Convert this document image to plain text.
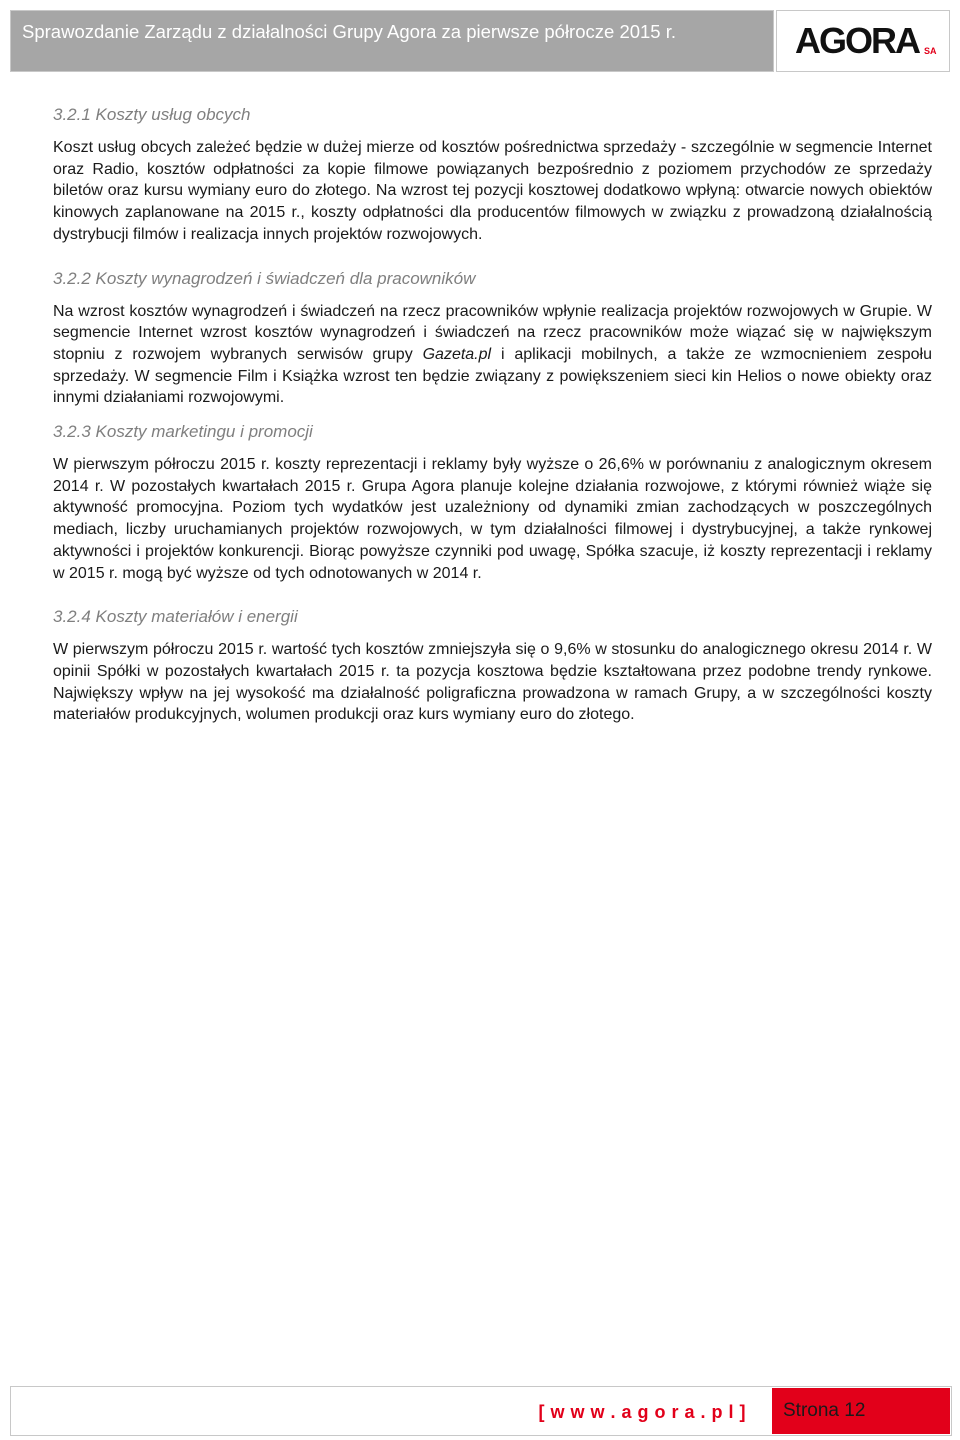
Sprawozdanie Zarządu z działalności Grupy Agora za pierwsze półrocze 2015 r.	AGORA SA
3.2.1 Koszty usług obcych

Koszt usług obcych zależeć będzie w dużej mierze od kosztów pośrednictwa sprzedaży - szczególnie w segmencie Internet oraz Radio, kosztów odpłatności za kopie filmowe powiązanych bezpośrednio z poziomem przychodów ze sprzedaży biletów oraz kursu wymiany euro do złotego. Na wzrost tej pozycji kosztowej dodatkowo wpłyną: otwarcie nowych obiektów kinowych zaplanowane na 2015 r., koszty odpłatności dla producentów filmowych w związku z prowadzoną działalnością dystrybucji filmów i realizacja innych projektów rozwojowych.

3.2.2 Koszty wynagrodzeń i świadczeń dla pracowników

Na wzrost kosztów wynagrodzeń i świadczeń na rzecz pracowników wpłynie realizacja projektów rozwojowych w Grupie. W segmencie Internet wzrost kosztów wynagrodzeń i świadczeń na rzecz pracowników może wiązać się w największym stopniu z rozwojem wybranych serwisów grupy Gazeta.pl i aplikacji mobilnych, a także ze wzmocnieniem zespołu sprzedaży. W segmencie Film i Książka wzrost ten będzie związany z powiększeniem sieci kin Helios o nowe obiekty oraz innymi działaniami rozwojowymi.

3.2.3 Koszty marketingu i promocji

W pierwszym półroczu 2015 r. koszty reprezentacji i reklamy były wyższe o 26,6% w porównaniu z analogicznym okresem 2014 r. W pozostałych kwartałach 2015 r. Grupa Agora planuje kolejne działania rozwojowe, z którymi również wiąże się aktywność promocyjna. Poziom tych wydatków jest uzależniony od dynamiki zmian zachodzących w poszczególnych mediach, liczby uruchamianych projektów rozwojowych, w tym działalności filmowej i dystrybucyjnej, a także rynkowej aktywności i projektów konkurencji. Biorąc powyższe czynniki pod uwagę, Spółka szacuje, iż koszty reprezentacji i reklamy w 2015 r. mogą być wyższe od tych odnotowanych w 2014 r.

3.2.4 Koszty materiałów i energii

W pierwszym półroczu 2015 r. wartość tych kosztów zmniejszyła się o 9,6% w stosunku do analogicznego okresu 2014 r. W opinii Spółki w pozostałych kwartałach 2015 r. ta pozycja kosztowa będzie kształtowana przez podobne trendy rynkowe. Największy wpływ na jej wysokość ma działalność poligraficzna prowadzona w ramach Grupy, a w szczególności koszty materiałów produkcyjnych, wolumen produkcji oraz kurs wymiany euro do złotego.

[ w w w . a g o r a . p l ] Strona 12
